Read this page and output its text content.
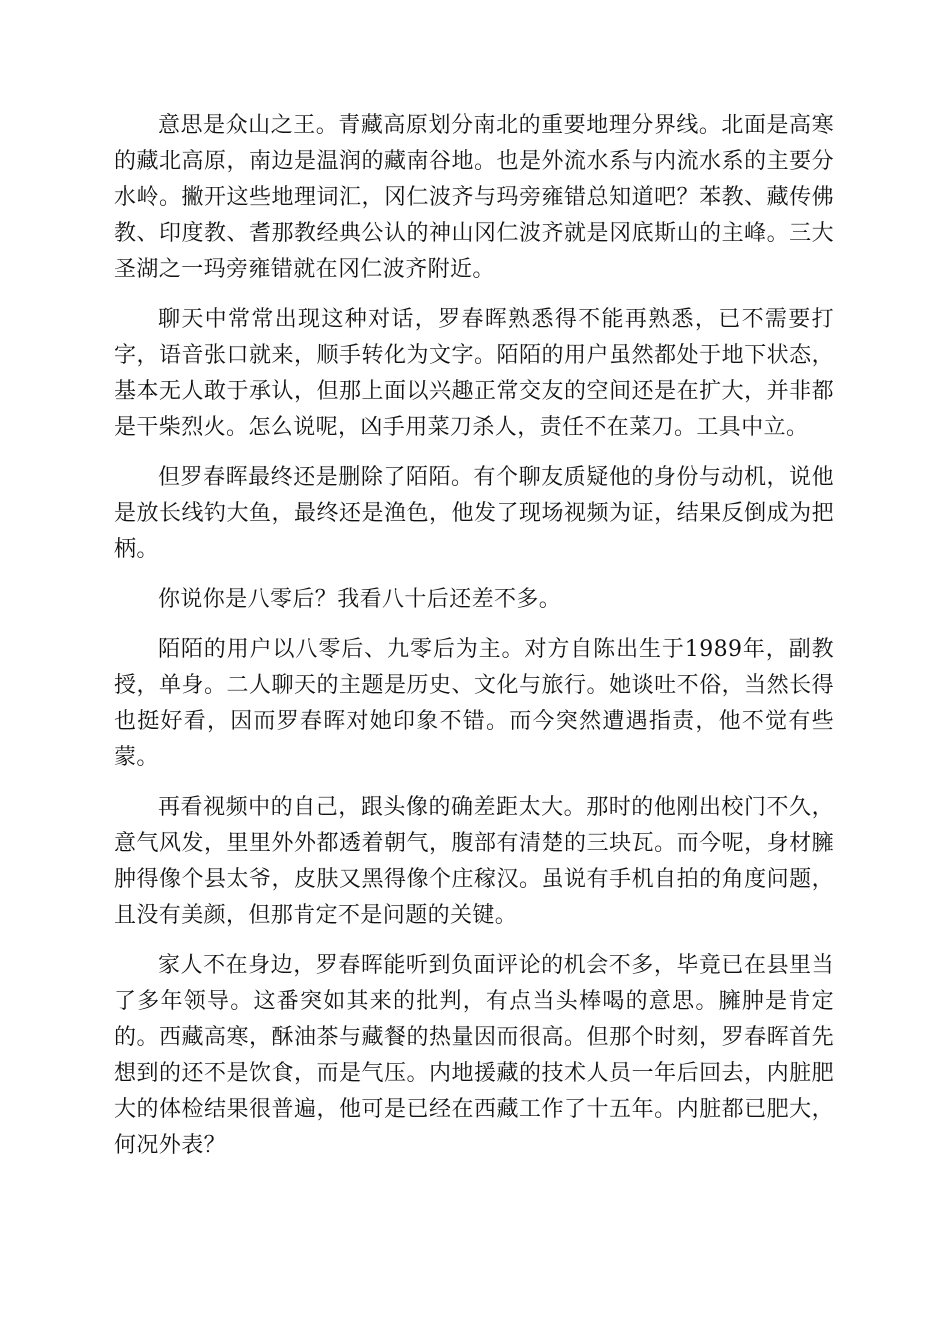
意思是众山之王。青藏高原划分南北的重要地理分界线。北面是高寒的藏北高原，南边是温润的藏南谷地。也是外流水系与内流水系的主要分水岭。撇开这些地理词汇，冈仁波齐与玛旁雍错总知道吧？苯教、藏传佛教、印度教、耆那教经典公认的神山冈仁波齐就是冈底斯山的主峰。三大圣湖之一玛旁雍错就在冈仁波齐附近。

聊天中常常出现这种对话，罗春晖熟悉得不能再熟悉，已不需要打字，语音张口就来，顺手转化为文字。陌陌的用户虽然都处于地下状态，基本无人敢于承认，但那上面以兴趣正常交友的空间还是在扩大，并非都是干柴烈火。怎么说呢，凶手用菜刀杀人，责任不在菜刀。工具中立。

但罗春晖最终还是删除了陌陌。有个聊友质疑他的身份与动机，说他是放长线钓大鱼，最终还是渔色，他发了现场视频为证，结果反倒成为把柄。

你说你是八零后？我看八十后还差不多。

陌陌的用户以八零后、九零后为主。对方自陈出生于1989年，副教授，单身。二人聊天的主题是历史、文化与旅行。她谈吐不俗，当然长得也挺好看，因而罗春晖对她印象不错。而今突然遭遇指责，他不觉有些蒙。

再看视频中的自己，跟头像的确差距太大。那时的他刚出校门不久，意气风发，里里外外都透着朝气，腹部有清楚的三块瓦。而今呢，身材臃肿得像个县太爷，皮肤又黑得像个庄稼汉。虽说有手机自拍的角度问题，且没有美颜，但那肯定不是问题的关键。

家人不在身边，罗春晖能听到负面评论的机会不多，毕竟已在县里当了多年领导。这番突如其来的批判，有点当头棒喝的意思。臃肿是肯定的。西藏高寒，酥油茶与藏餐的热量因而很高。但那个时刻，罗春晖首先想到的还不是饮食，而是气压。内地援藏的技术人员一年后回去，内脏肥大的体检结果很普遍，他可是已经在西藏工作了十五年。内脏都已肥大，何况外表？
